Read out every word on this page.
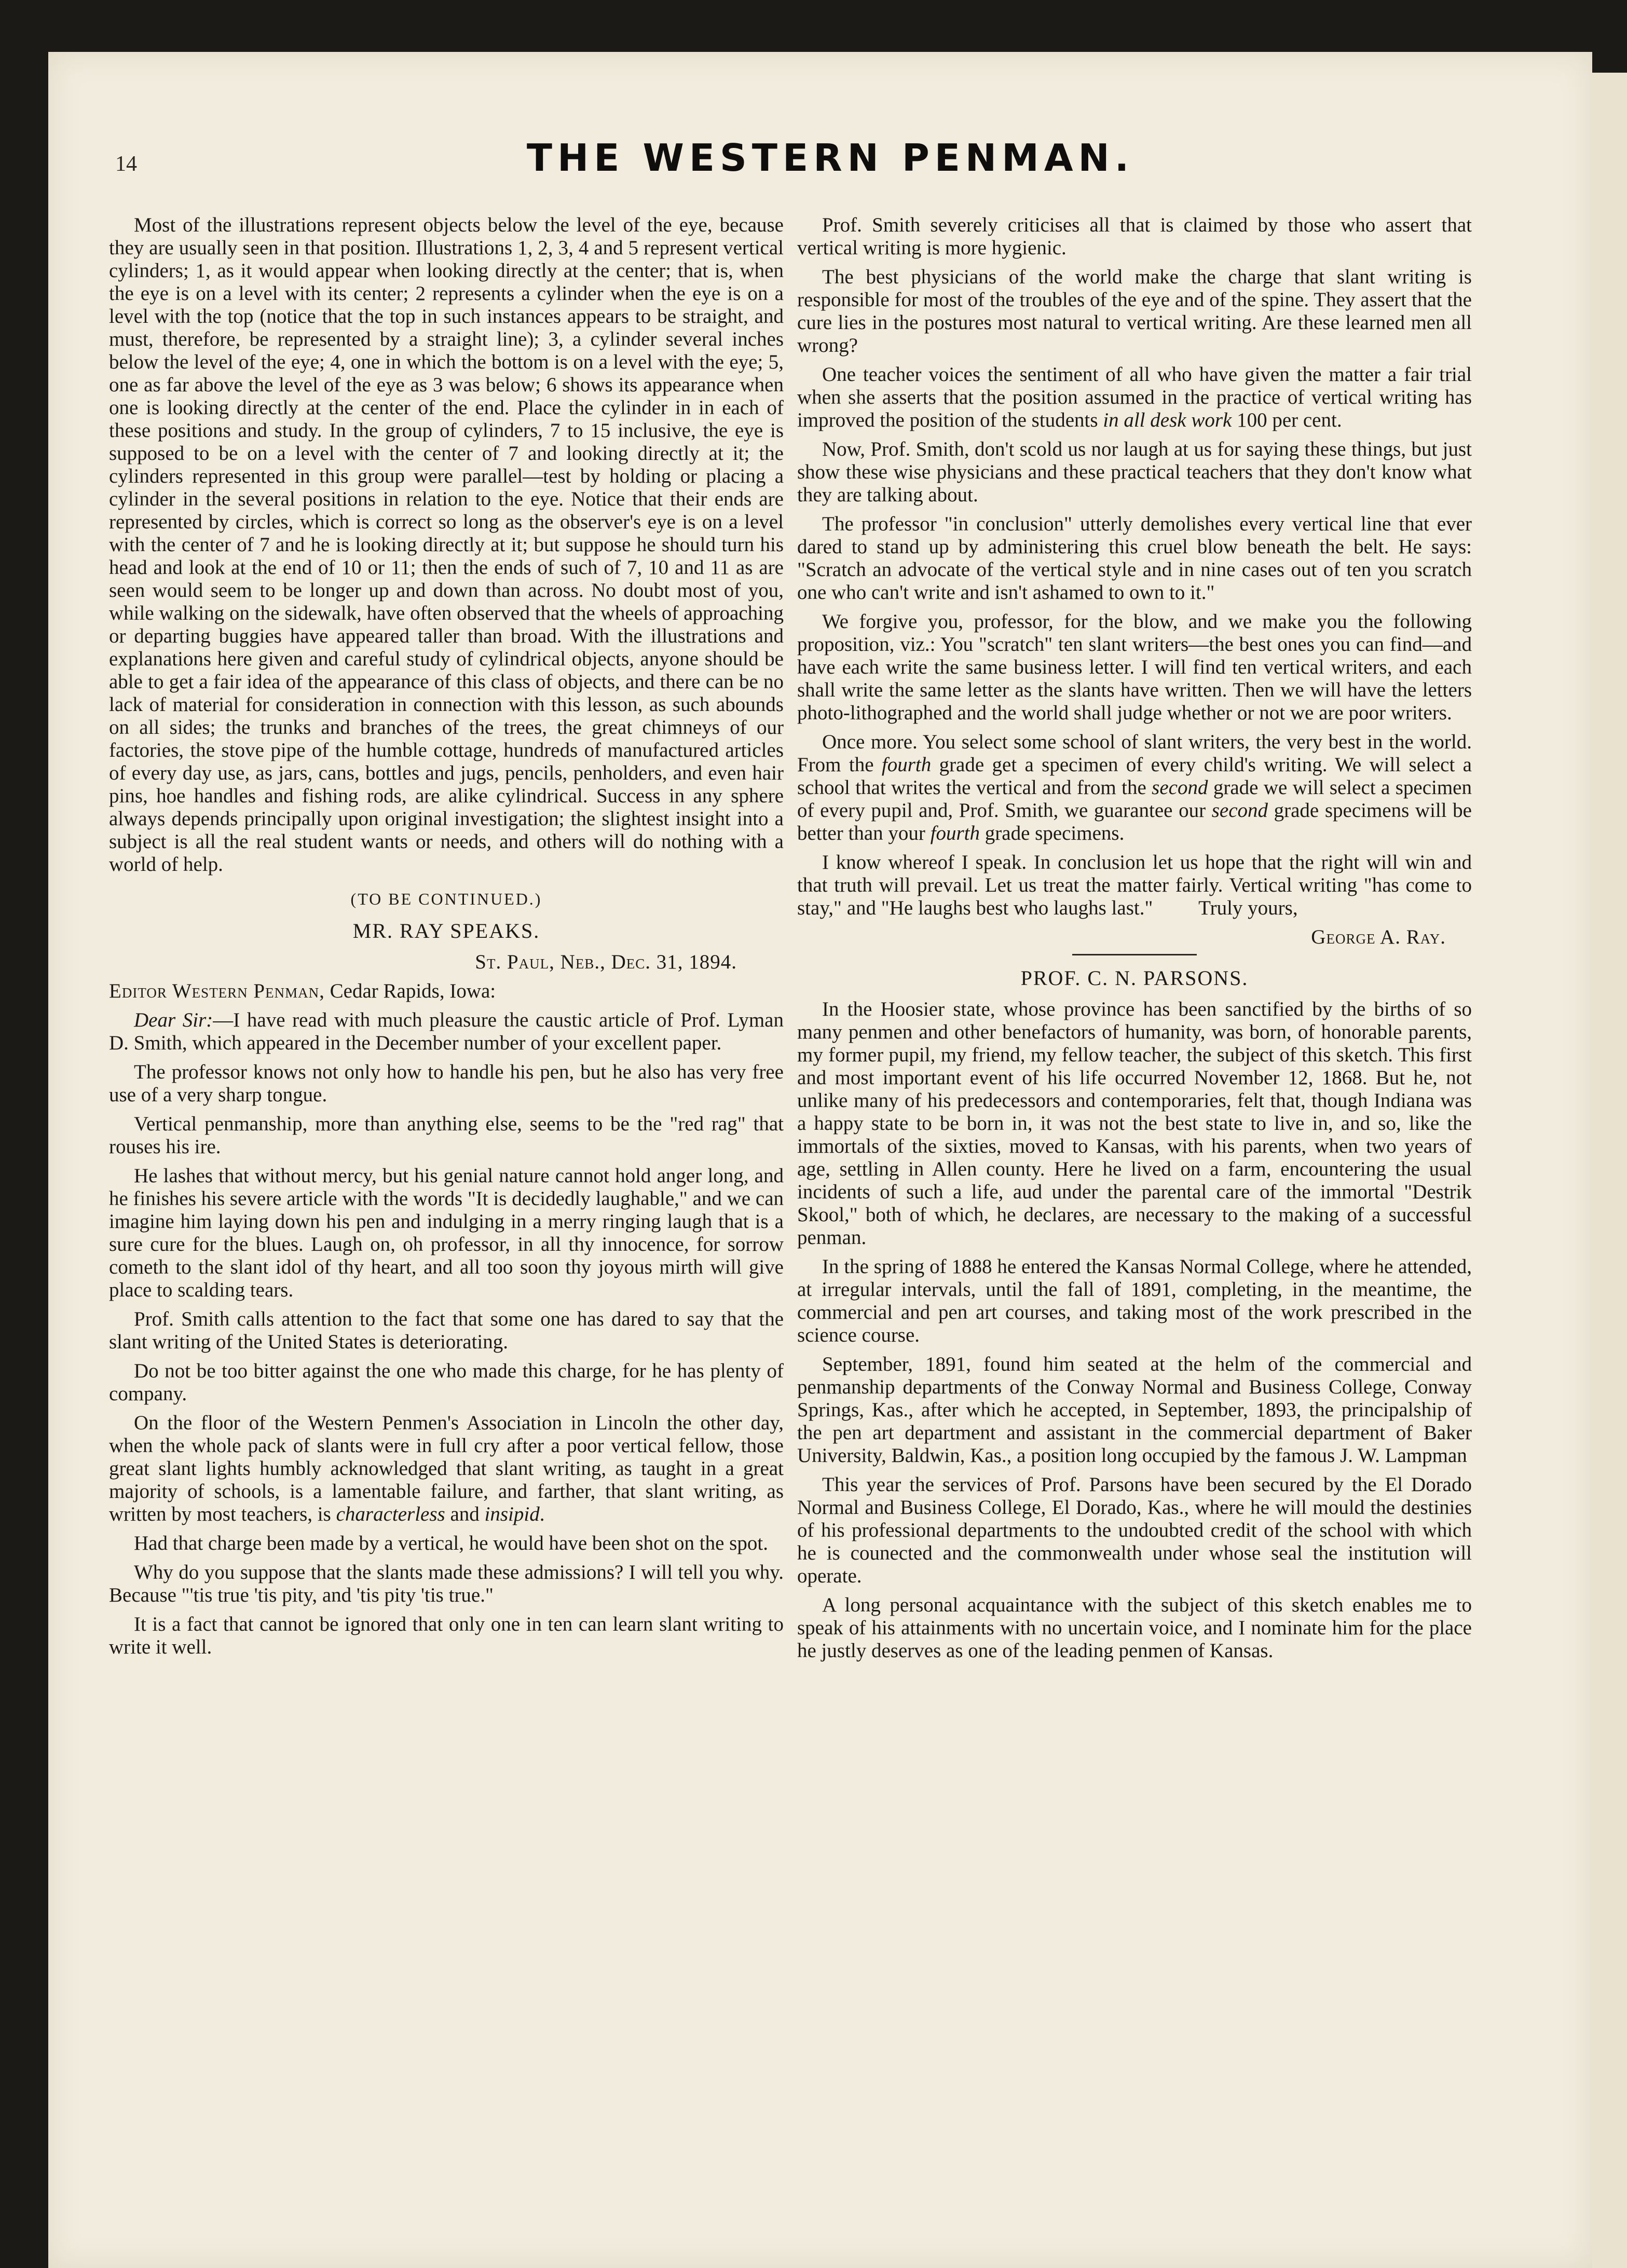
14	THE WESTERN PENMAN.

Most of the illustrations represent objects below the level of the eye, because they are usually seen in that position. Illustrations 1, 2, 3, 4 and 5 represent vertical cylinders; 1, as it would appear when looking directly at the center; that is, when the eye is on a level with its center; 2 represents a cylinder when the eye is on a level with the top (notice that the top in such instances appears to be straight, and must, therefore, be represented by a straight line); 3, a cylinder several inches below the level of the eye; 4, one in which the bottom is on a level with the eye; 5, one as far above the level of the eye as 3 was below; 6 shows its appearance when one is looking directly at the center of the end. Place the cylinder in in each of these positions and study. In the group of cylinders, 7 to 15 inclusive, the eye is supposed to be on a level with the center of 7 and looking directly at it; the cylinders represented in this group were parallel—test by holding or placing a cylinder in the several positions in relation to the eye. Notice that their ends are represented by circles, which is correct so long as the observer's eye is on a level with the center of 7 and he is looking directly at it; but suppose he should turn his head and look at the end of 10 or 11; then the ends of such of 7, 10 and 11 as are seen would seem to be longer up and down than across. No doubt most of you, while walking on the sidewalk, have often observed that the wheels of approaching or departing buggies have appeared taller than broad. With the illustrations and explanations here given and careful study of cylindrical objects, anyone should be able to get a fair idea of the appearance of this class of objects, and there can be no lack of material for consideration in connection with this lesson, as such abounds on all sides; the trunks and branches of the trees, the great chimneys of our factories, the stove pipe of the humble cottage, hundreds of manufactured articles of every day use, as jars, cans, bottles and jugs, pencils, penholders, and even hair pins, hoe handles and fishing rods, are alike cylindrical. Success in any sphere always depends principally upon original investigation; the slightest insight into a subject is all the real student wants or needs, and others will do nothing with a world of help.

(TO BE CONTINUED.)
MR. RAY SPEAKS.

St. Paul, Neb., Dec. 31, 1894.

Editor Western Penman, Cedar Rapids, Iowa:

Dear Sir:—I have read with much pleasure the caustic article of Prof. Lyman D. Smith, which appeared in the December number of your excellent paper.

The professor knows not only how to handle his pen, but he also has very free use of a very sharp tongue.

Vertical penmanship, more than anything else, seems to be the "red rag" that rouses his ire.

He lashes that without mercy, but his genial nature cannot hold anger long, and he finishes his severe article with the words "It is decidedly laughable," and we can imagine him laying down his pen and indulging in a merry ringing laugh that is a sure cure for the blues. Laugh on, oh professor, in all thy innocence, for sorrow cometh to the slant idol of thy heart, and all too soon thy joyous mirth will give place to scalding tears.

Prof. Smith calls attention to the fact that some one has dared to say that the slant writing of the United States is deteriorating.

Do not be too bitter against the one who made this charge, for he has plenty of company.

On the floor of the Western Penmen's Association in Lincoln the other day, when the whole pack of slants were in full cry after a poor vertical fellow, those great slant lights humbly acknowledged that slant writing, as taught in a great majority of schools, is a lamentable failure, and farther, that slant writing, as written by most teachers, is characterless and insipid.

Had that charge been made by a vertical, he would have been shot on the spot.

Why do you suppose that the slants made these admissions? I will tell you why. Because "'tis true 'tis pity, and 'tis pity 'tis true."

It is a fact that cannot be ignored that only one in ten can learn slant writing to write it well.

Prof. Smith severely criticises all that is claimed by those who assert that vertical writing is more hygienic.

The best physicians of the world make the charge that slant writing is responsible for most of the troubles of the eye and of the spine. They assert that the cure lies in the postures most natural to vertical writing. Are these learned men all wrong?

One teacher voices the sentiment of all who have given the matter a fair trial when she asserts that the position assumed in the practice of vertical writing has improved the position of the students in all desk work 100 per cent.

Now, Prof. Smith, don't scold us nor laugh at us for saying these things, but just show these wise physicians and these practical teachers that they don't know what they are talking about.

The professor "in conclusion" utterly demolishes every vertical line that ever dared to stand up by administering this cruel blow beneath the belt. He says: "Scratch an advocate of the vertical style and in nine cases out of ten you scratch one who can't write and isn't ashamed to own to it."

We forgive you, professor, for the blow, and we make you the following proposition, viz.: You "scratch" ten slant writers—the best ones you can find—and have each write the same business letter. I will find ten vertical writers, and each shall write the same letter as the slants have written. Then we will have the letters photo-lithographed and the world shall judge whether or not we are poor writers.

Once more. You select some school of slant writers, the very best in the world. From the fourth grade get a specimen of every child's writing. We will select a school that writes the vertical and from the second grade we will select a specimen of every pupil and, Prof. Smith, we guarantee our second grade specimens will be better than your fourth grade specimens.

I know whereof I speak. In conclusion let us hope that the right will win and that truth will prevail. Let us treat the matter fairly. Vertical writing "has come to stay," and "He laughs best who laughs last." Truly yours,

George A. Ray.

PROF. C. N. PARSONS.

In the Hoosier state, whose province has been sanctified by the births of so many penmen and other benefactors of humanity, was born, of honorable parents, my former pupil, my friend, my fellow teacher, the subject of this sketch. This first and most important event of his life occurred November 12, 1868. But he, not unlike many of his predecessors and contemporaries, felt that, though Indiana was a happy state to be born in, it was not the best state to live in, and so, like the immortals of the sixties, moved to Kansas, with his parents, when two years of age, settling in Allen county. Here he lived on a farm, encountering the usual incidents of such a life, aud under the parental care of the immortal "Destrik Skool," both of which, he declares, are necessary to the making of a successful penman.

In the spring of 1888 he entered the Kansas Normal College, where he attended, at irregular intervals, until the fall of 1891, completing, in the meantime, the commercial and pen art courses, and taking most of the work prescribed in the science course.

September, 1891, found him seated at the helm of the commercial and penmanship departments of the Conway Normal and Business College, Conway Springs, Kas., after which he accepted, in September, 1893, the principalship of the pen art department and assistant in the commercial department of Baker University, Baldwin, Kas., a position long occupied by the famous J. W. Lampman

This year the services of Prof. Parsons have been secured by the El Dorado Normal and Business College, El Dorado, Kas., where he will mould the destinies of his professional departments to the undoubted credit of the school with which he is counected and the commonwealth under whose seal the institution will operate.

A long personal acquaintance with the subject of this sketch enables me to speak of his attainments with no uncertain voice, and I nominate him for the place he justly deserves as one of the leading penmen of Kansas.
